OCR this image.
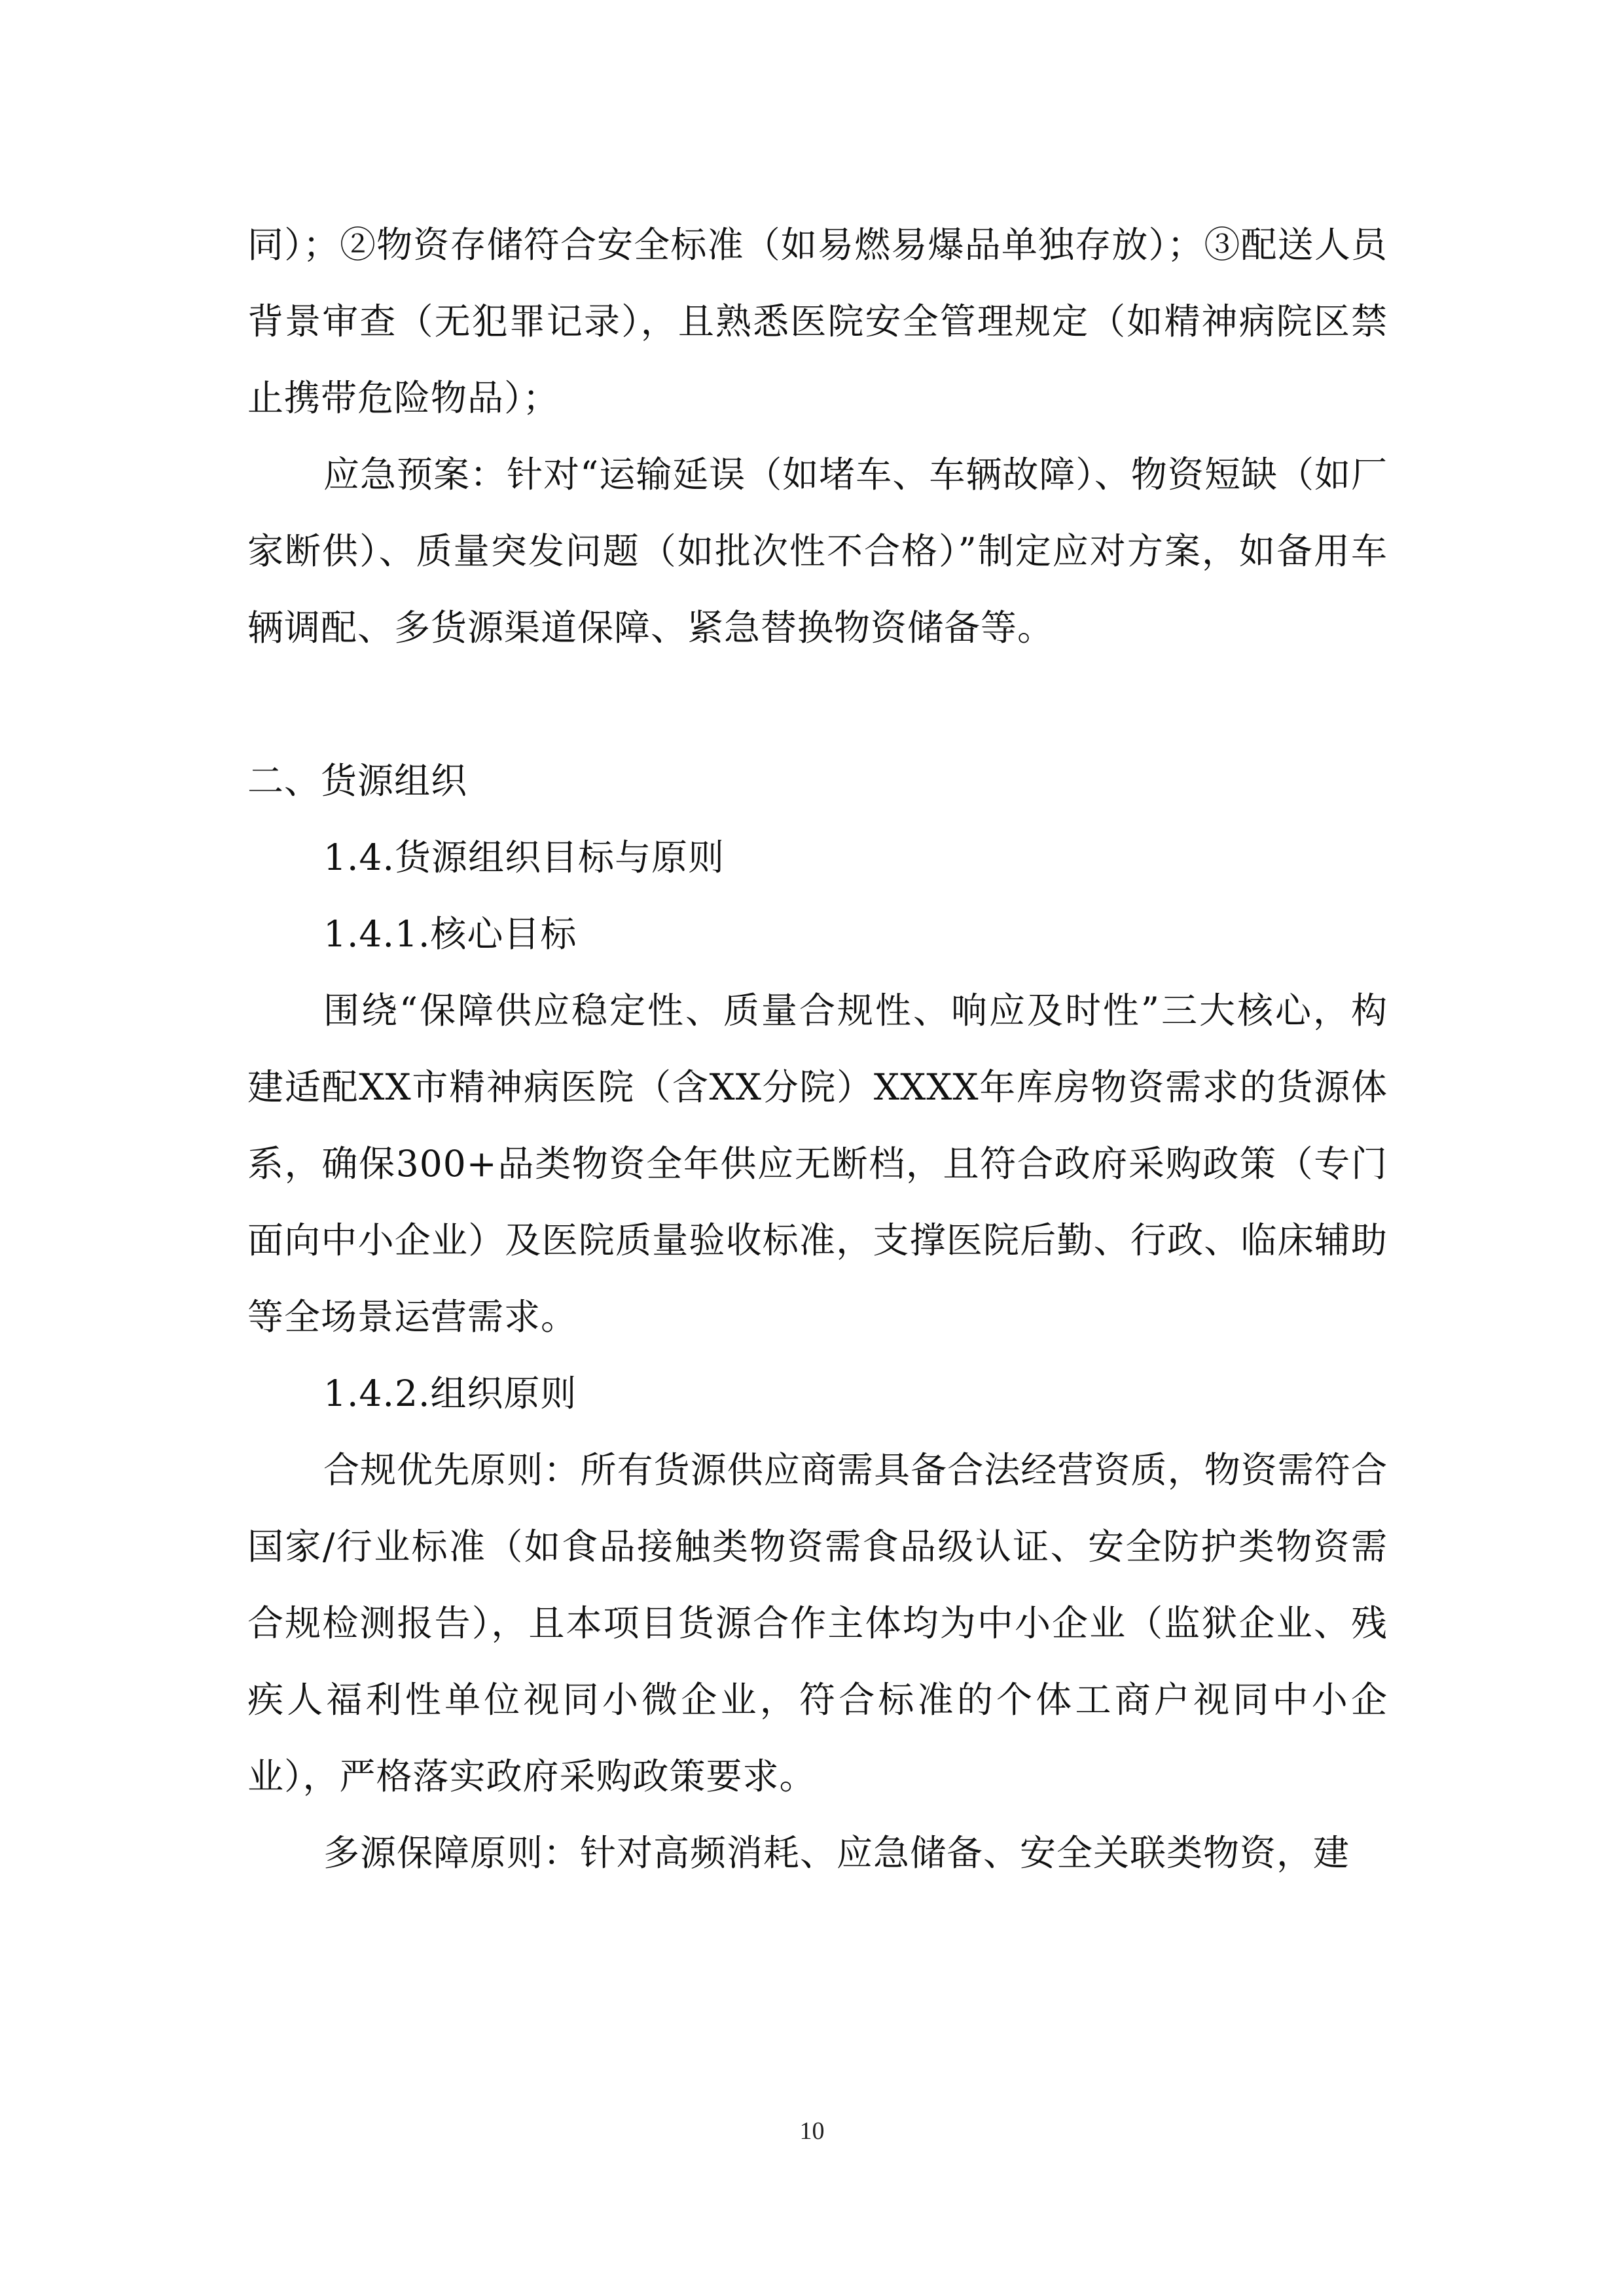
同）；②物资存储符合安全标准（如易燃易爆品单独存放）；③配送人员背景审查（无犯罪记录），且熟悉医院安全管理规定（如精神病院区禁止携带危险物品）；

应急预案：针对“运输延误（如堵车、车辆故障）、物资短缺（如厂家断供）、质量突发问题（如批次性不合格）”制定应对方案，如备用车辆调配、多货源渠道保障、紧急替换物资储备等。

二、货源组织

1.4.货源组织目标与原则

1.4.1.核心目标

围绕“保障供应稳定性、质量合规性、响应及时性”三大核心，构建适配XX市精神病医院（含XX分院）XXXX年库房物资需求的货源体系，确保300+品类物资全年供应无断档，且符合政府采购政策（专门面向中小企业）及医院质量验收标准，支撑医院后勤、行政、临床辅助等全场景运营需求。

1.4.2.组织原则

合规优先原则：所有货源供应商需具备合法经营资质，物资需符合国家/行业标准（如食品接触类物资需食品级认证、安全防护类物资需合规检测报告），且本项目货源合作主体均为中小企业（监狱企业、残疾人福利性单位视同小微企业，符合标准的个体工商户视同中小企业），严格落实政府采购政策要求。

多源保障原则：针对高频消耗、应急储备、安全关联类物资，建

10
